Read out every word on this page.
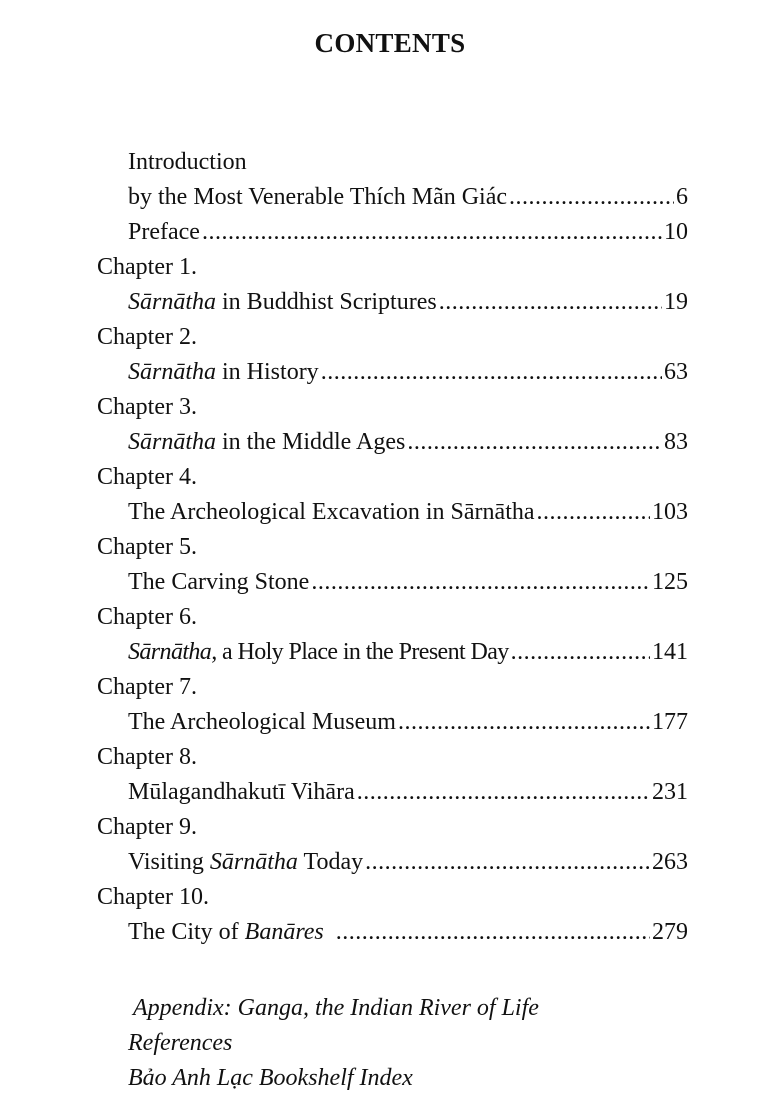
CONTENTS
Introduction
by the Most Venerable Thích Mãn Giác .....	6
Preface .....	10
Chapter 1.
Sārnātha in Buddhist Scriptures .....	19
Chapter 2.
Sārnātha in History .....	63
Chapter 3.
Sārnātha in the Middle Ages .....	83
Chapter 4.
The Archeological Excavation in Sārnātha .....	103
Chapter 5.
The Carving Stone .....	125
Chapter 6.
Sārnātha, a Holy Place in the Present Day .....	141
Chapter 7.
The Archeological Museum .....	177
Chapter 8.
Mūlagandhakutī Vihāra .....	231
Chapter 9.
Visiting Sārnātha Today .....	263
Chapter 10.
The City of Banāres .....	279
Appendix: Ganga, the Indian River of Life
References
Bảo Anh Lạc Bookshelf Index
